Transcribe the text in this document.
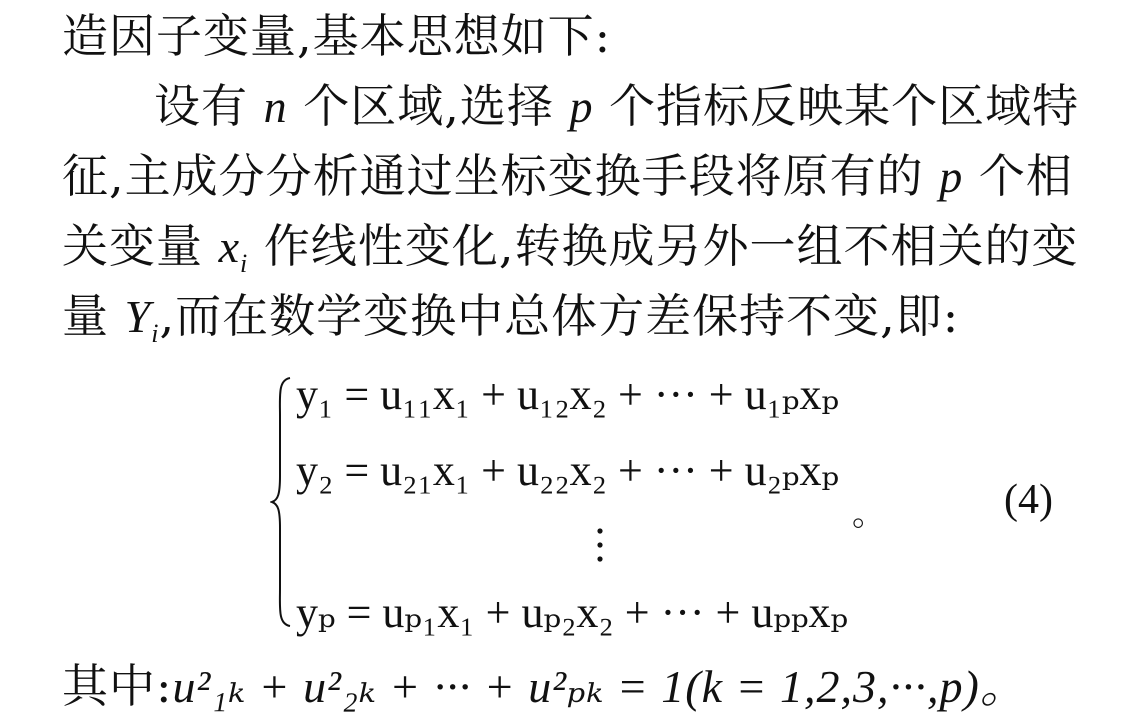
造因子变量,基本思想如下:
设有 n 个区域,选择 p 个指标反映某个区域特
征,主成分分析通过坐标变换手段将原有的 p 个相
关变量 $x_i$ 作线性变化,转换成另外一组不相关的变
量 $Y_i$,而在数学变换中总体方差保持不变,即:
y₁ = u₁₁x₁ + u₁₂x₂ + ··· + u₁ₚxₚ
y₂ = u₂₁x₁ + u₂₂x₂ + ··· + u₂ₚxₚ
yₚ = uₚ₁x₁ + uₚ₂x₂ + ··· + uₚₚxₚ
。	(4)
其中:u²₁ₖ + u²₂ₖ + ··· + u²ₚₖ = 1(k = 1,2,3,···,p)。
